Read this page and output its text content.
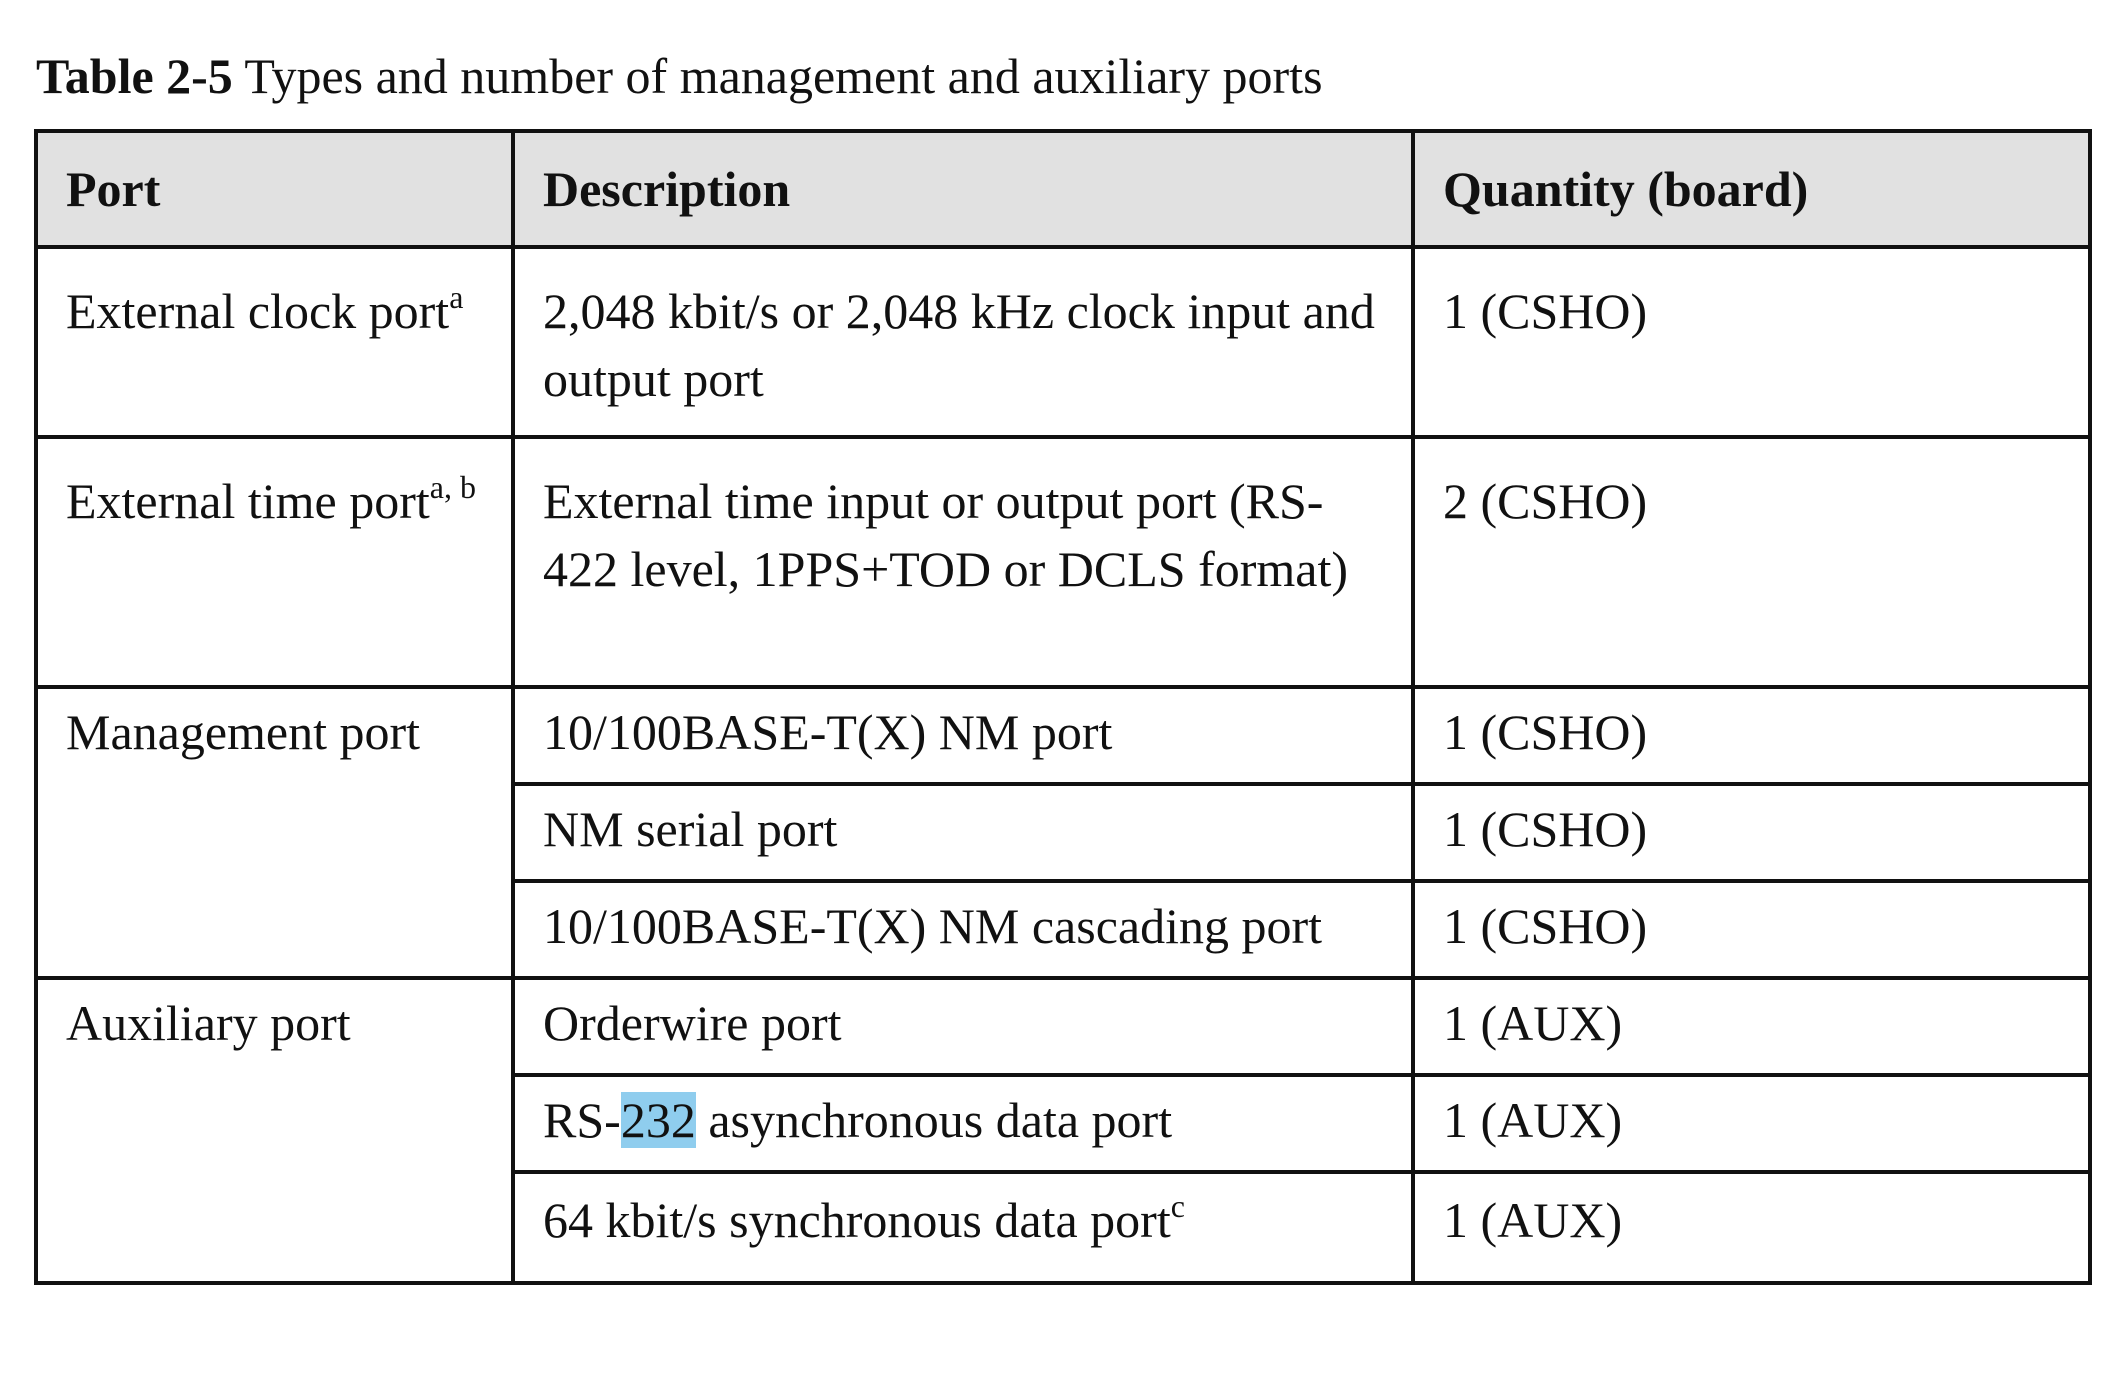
Table 2-5 Types and number of management and auxiliary ports
Port	Description	Quantity (board)
External clock port$^a$	2,048 kbit/s or 2,048 kHz clock input and output port	1 (CSHO)
External time port$^{a, b}$	External time input or output port (RS-422 level, 1PPS+TOD or DCLS format)	2 (CSHO)
Management port	10/100BASE-T(X) NM port	1 (CSHO)
	NM serial port	1 (CSHO)
	10/100BASE-T(X) NM cascading port	1 (CSHO)
Auxiliary port	Orderwire port	1 (AUX)
	RS-232 asynchronous data port	1 (AUX)
	64 kbit/s synchronous data port$^c$	1 (AUX)
